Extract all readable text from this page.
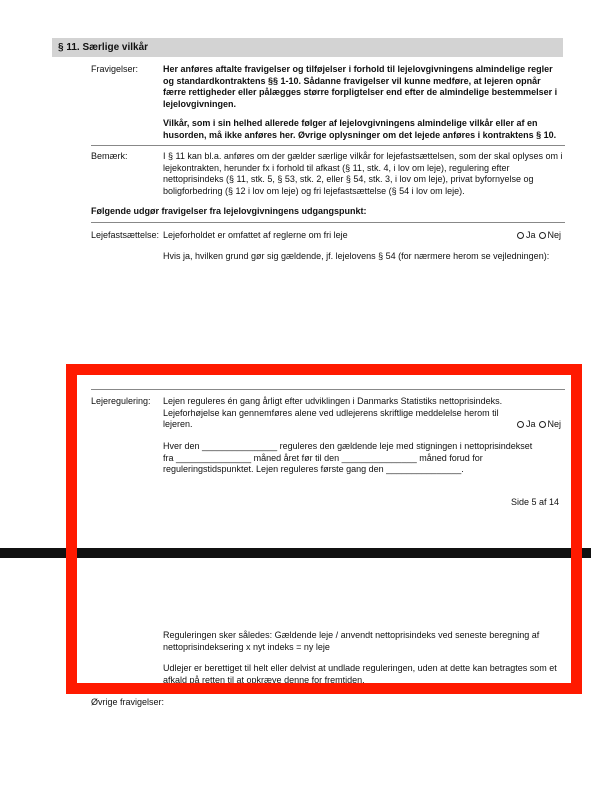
§ 11. Særlige vilkår
Fravigelser:	Her anføres aftalte fravigelser og tilføjelser i forhold til lejelovgivningens almindelige regler
og standardkontraktens §§ 1-10. Sådanne fravigelser vil kunne medføre, at lejeren opnår
færre rettigheder eller pålægges større forpligtelser end efter de almindelige bestemmelser i
lejelovgivningen.
Vilkår, som i sin helhed allerede følger af lejelovgivningens almindelige vilkår eller af en
husorden, må ikke anføres her. Øvrige oplysninger om det lejede anføres i kontraktens § 10.
Bemærk:	I § 11 kan bl.a. anføres om der gælder særlige vilkår for lejefastsættelsen, som der skal oplyses om i
lejekontrakten, herunder fx i forhold til afkast (§ 11, stk. 4, i lov om leje), regulering efter
nettoprisindeks (§ 11, stk. 5, § 53, stk. 2, eller § 54, stk. 3, i lov om leje), privat byfornyelse og
boligforbedring (§ 12 i lov om leje) og fri lejefastsættelse (§ 54 i lov om leje).
Følgende udgør fravigelser fra lejelovgivningens udgangspunkt:
Lejefastsættelse: Lejeforholdet er omfattet af reglerne om fri leje	Ja Nej
Hvis ja, hvilken grund gør sig gældende, jf. lejelovens § 54 (for nærmere herom se vejledningen):
Lejeregulering: Lejen reguleres én gang årligt efter udviklingen i Danmarks Statistiks nettoprisindeks.
Lejeforhøjelse kan gennemføres alene ved udlejerens skriftlige meddelelse herom til
lejeren.	Ja Nej
Hver den _______________ reguleres den gældende leje med stigningen i nettoprisindekset
fra _______________ måned året før til den _______________ måned forud for
reguleringstidspunktet. Lejen reguleres første gang den _______________.
Side 5 af 14
Reguleringen sker således: Gældende leje / anvendt nettoprisindeks ved seneste beregning af
nettoprisindeksering x nyt indeks = ny leje
Udlejer er berettiget til helt eller delvist at undlade reguleringen, uden at dette kan betragtes som et
afkald på retten til at opkræve denne for fremtiden.
Øvrige fravigelser:
